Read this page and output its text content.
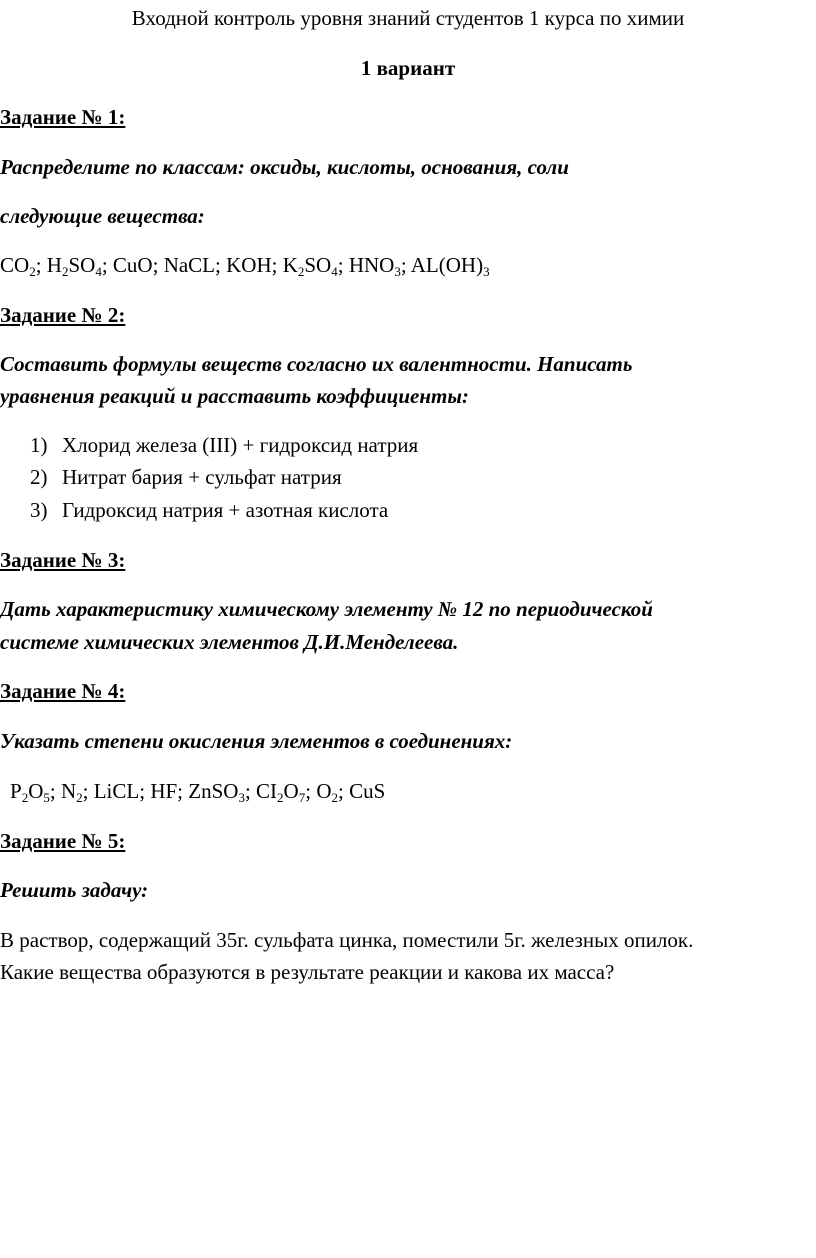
Входной контроль уровня знаний студентов 1 курса по химии
1 вариант
Задание № 1:
Распределите по классам: оксиды, кислоты, основания, соли
следующие вещества:
$CO_2$; $H_2SO_4$; CuO; NaCL; KOH; $K_2SO_4$; $HNO_3$; $AL(OH)_3$
Задание № 2:
Составить формулы веществ согласно их валентности. Написать
уравнения реакций и расставить коэффициенты:
1) Хлорид железа (III) + гидроксид натрия
2) Нитрат бария + сульфат натрия
3) Гидроксид натрия + азотная кислота
Задание № 3:
Дать характеристику химическому элементу № 12 по периодической
системе химических элементов Д.И.Менделеева.
Задание № 4:
Указать степени окисления элементов в соединениях:
$P_2O_5$; $N_2$; LiCL; HF; ZnSO$_3$; $CI_2O_7$; $O_2$; CuS
Задание № 5:
Решить задачу:
В раствор, содержащий 35г. сульфата цинка, поместили 5г. железных опилок.
Какие вещества образуются в результате реакции и какова их масса?
